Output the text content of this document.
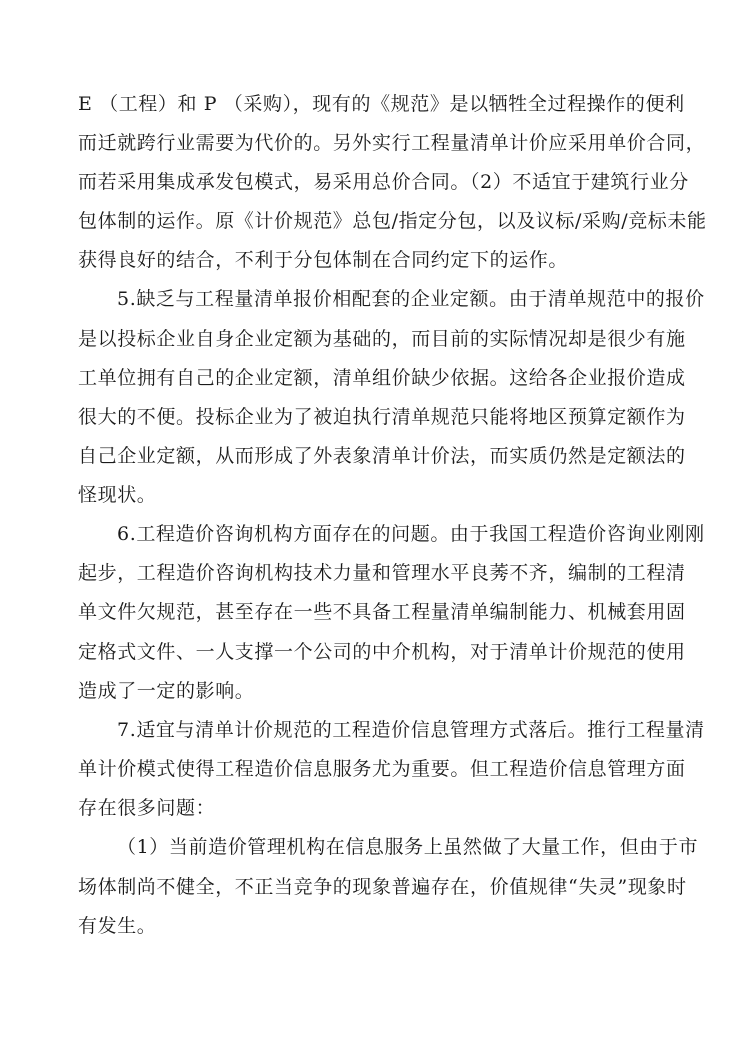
E （工程）和 P （采购），现有的《规范》是以牺牲全过程操作的便利
而迁就跨行业需要为代价的。另外实行工程量清单计价应采用单价合同，
而若采用集成承发包模式，易采用总价合同。（2）不适宜于建筑行业分
包体制的运作。原《计价规范》总包/指定分包，以及议标/采购/竞标未能
获得良好的结合，不利于分包体制在合同约定下的运作。
5.缺乏与工程量清单报价相配套的企业定额。由于清单规范中的报价
是以投标企业自身企业定额为基础的，而目前的实际情况却是很少有施
工单位拥有自己的企业定额，清单组价缺少依据。这给各企业报价造成
很大的不便。投标企业为了被迫执行清单规范只能将地区预算定额作为
自己企业定额，从而形成了外表象清单计价法，而实质仍然是定额法的
怪现状。
6.工程造价咨询机构方面存在的问题。由于我国工程造价咨询业刚刚
起步，工程造价咨询机构技术力量和管理水平良莠不齐，编制的工程清
单文件欠规范，甚至存在一些不具备工程量清单编制能力、机械套用固
定格式文件、一人支撑一个公司的中介机构，对于清单计价规范的使用
造成了一定的影响。
7.适宜与清单计价规范的工程造价信息管理方式落后。推行工程量清
单计价模式使得工程造价信息服务尤为重要。但工程造价信息管理方面
存在很多问题：
（1）当前造价管理机构在信息服务上虽然做了大量工作，但由于市
场体制尚不健全，不正当竞争的现象普遍存在，价值规律“失灵”现象时
有发生。
